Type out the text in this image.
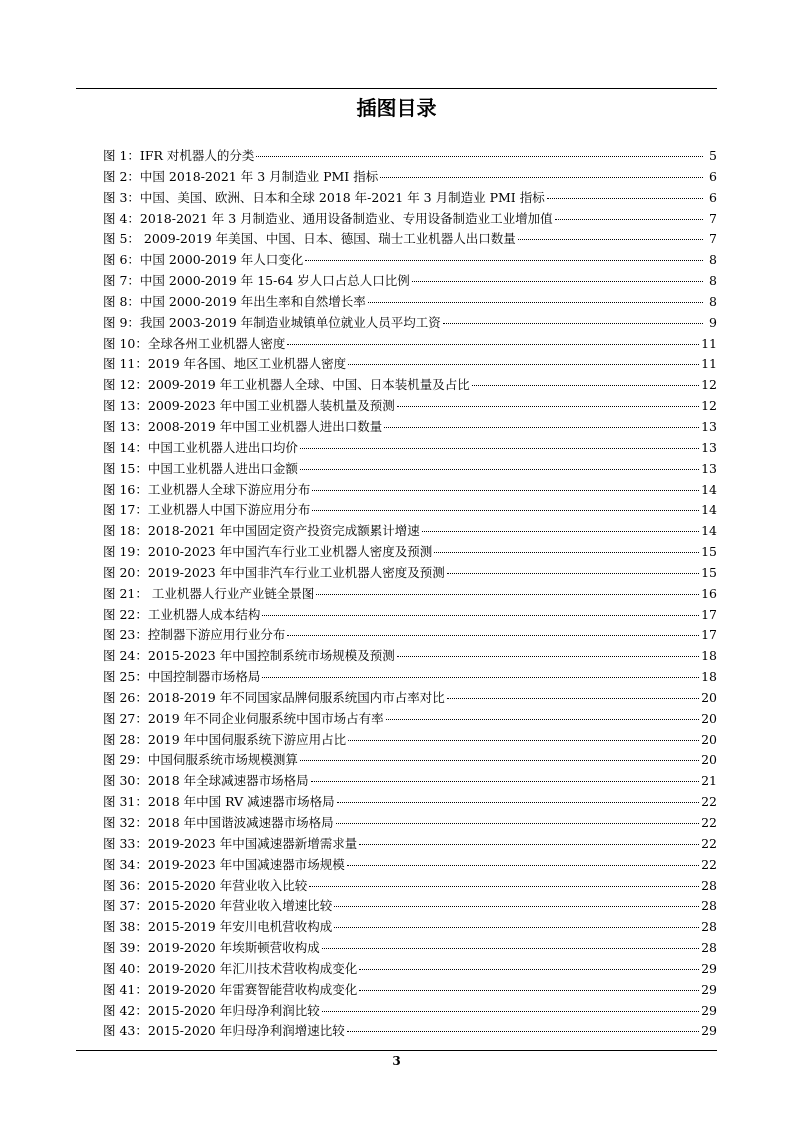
插图目录
图 1：IFR 对机器人的分类	5
图 2：中国 2018-2021 年 3 月制造业 PMI 指标	6
图 3：中国、美国、欧洲、日本和全球 2018 年-2021 年 3 月制造业 PMI 指标	6
图 4：2018-2021 年 3 月制造业、通用设备制造业、专用设备制造业工业增加值	7
图 5： 2009-2019 年美国、中国、日本、德国、瑞士工业机器人出口数量	7
图 6：中国 2000-2019 年人口变化	8
图 7：中国 2000-2019 年 15-64 岁人口占总人口比例	8
图 8：中国 2000-2019 年出生率和自然增长率	8
图 9：我国 2003-2019 年制造业城镇单位就业人员平均工资	9
图 10：全球各州工业机器人密度	11
图 11：2019 年各国、地区工业机器人密度	11
图 12：2009-2019 年工业机器人全球、中国、日本装机量及占比	12
图 13：2009-2023 年中国工业机器人装机量及预测	12
图 13：2008-2019 年中国工业机器人进出口数量	13
图 14：中国工业机器人进出口均价	13
图 15：中国工业机器人进出口金额	13
图 16：工业机器人全球下游应用分布	14
图 17：工业机器人中国下游应用分布	14
图 18：2018-2021 年中国固定资产投资完成额累计增速	14
图 19：2010-2023 年中国汽车行业工业机器人密度及预测	15
图 20：2019-2023 年中国非汽车行业工业机器人密度及预测	15
图 21： 工业机器人行业产业链全景图	16
图 22：工业机器人成本结构	17
图 23：控制器下游应用行业分布	17
图 24：2015-2023 年中国控制系统市场规模及预测	18
图 25：中国控制器市场格局	18
图 26：2018-2019 年不同国家品牌伺服系统国内市占率对比	20
图 27：2019 年不同企业伺服系统中国市场占有率	20
图 28：2019 年中国伺服系统下游应用占比	20
图 29：中国伺服系统市场规模测算	20
图 30：2018 年全球减速器市场格局	21
图 31：2018 年中国 RV 减速器市场格局	22
图 32：2018 年中国谐波减速器市场格局	22
图 33：2019-2023 年中国减速器新增需求量	22
图 34：2019-2023 年中国减速器市场规模	22
图 36：2015-2020 年营业收入比较	28
图 37：2015-2020 年营业收入增速比较	28
图 38：2015-2019 年安川电机营收构成	28
图 39：2019-2020 年埃斯顿营收构成	28
图 40：2019-2020 年汇川技术营收构成变化	29
图 41：2019-2020 年雷赛智能营收构成变化	29
图 42：2015-2020 年归母净利润比较	29
图 43：2015-2020 年归母净利润增速比较	29
3
